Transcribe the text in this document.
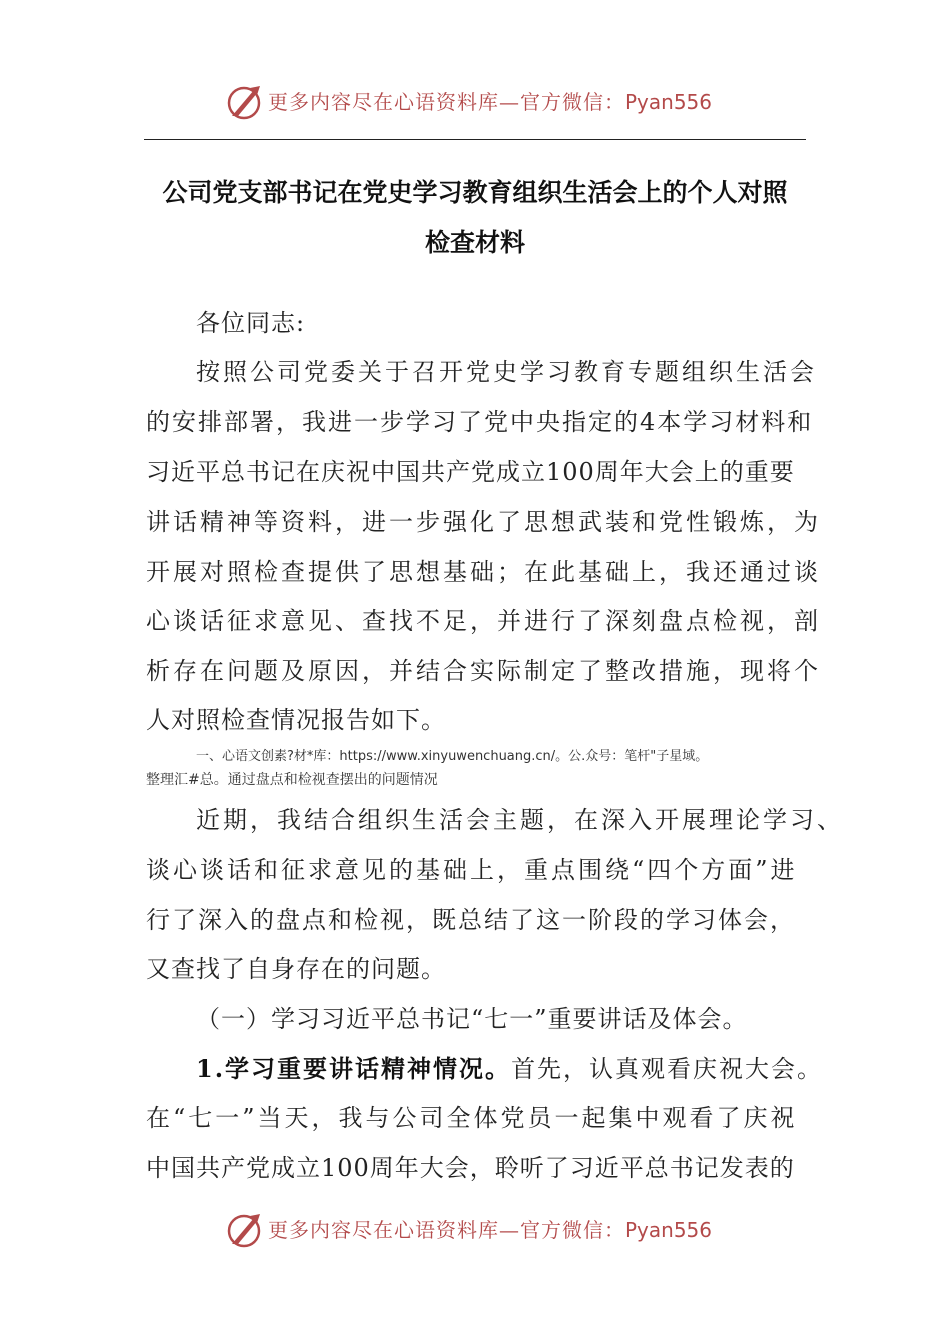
更多内容尽在心语资料库—官方微信：Pyan556
公司党支部书记在党史学习教育组织生活会上的个人对照
检查材料
各位同志:
按照公司党委关于召开党史学习教育专题组织生活会
的安排部署，我进一步学习了党中央指定的4本学习材料和
习近平总书记在庆祝中国共产党成立100周年大会上的重要
讲话精神等资料，进一步强化了思想武装和党性锻炼，为
开展对照检查提供了思想基础；在此基础上，我还通过谈
心谈话征求意见、查找不足，并进行了深刻盘点检视，剖
析存在问题及原因，并结合实际制定了整改措施，现将个
人对照检查情况报告如下。
一、心语文创素?材*库：https://www.xinyuwenchuang.cn/。公.众号：笔杆"子星域。
整理汇#总。通过盘点和检视查摆出的问题情况
近期，我结合组织生活会主题，在深入开展理论学习、
谈心谈话和征求意见的基础上，重点围绕“四个方面”进
行了深入的盘点和检视，既总结了这一阶段的学习体会，
又查找了自身存在的问题。
（一）学习习近平总书记“七一”重要讲话及体会。
1.学习重要讲话精神情况。首先，认真观看庆祝大会。
在“七一”当天，我与公司全体党员一起集中观看了庆祝
中国共产党成立100周年大会，聆听了习近平总书记发表的
更多内容尽在心语资料库—官方微信：Pyan556
